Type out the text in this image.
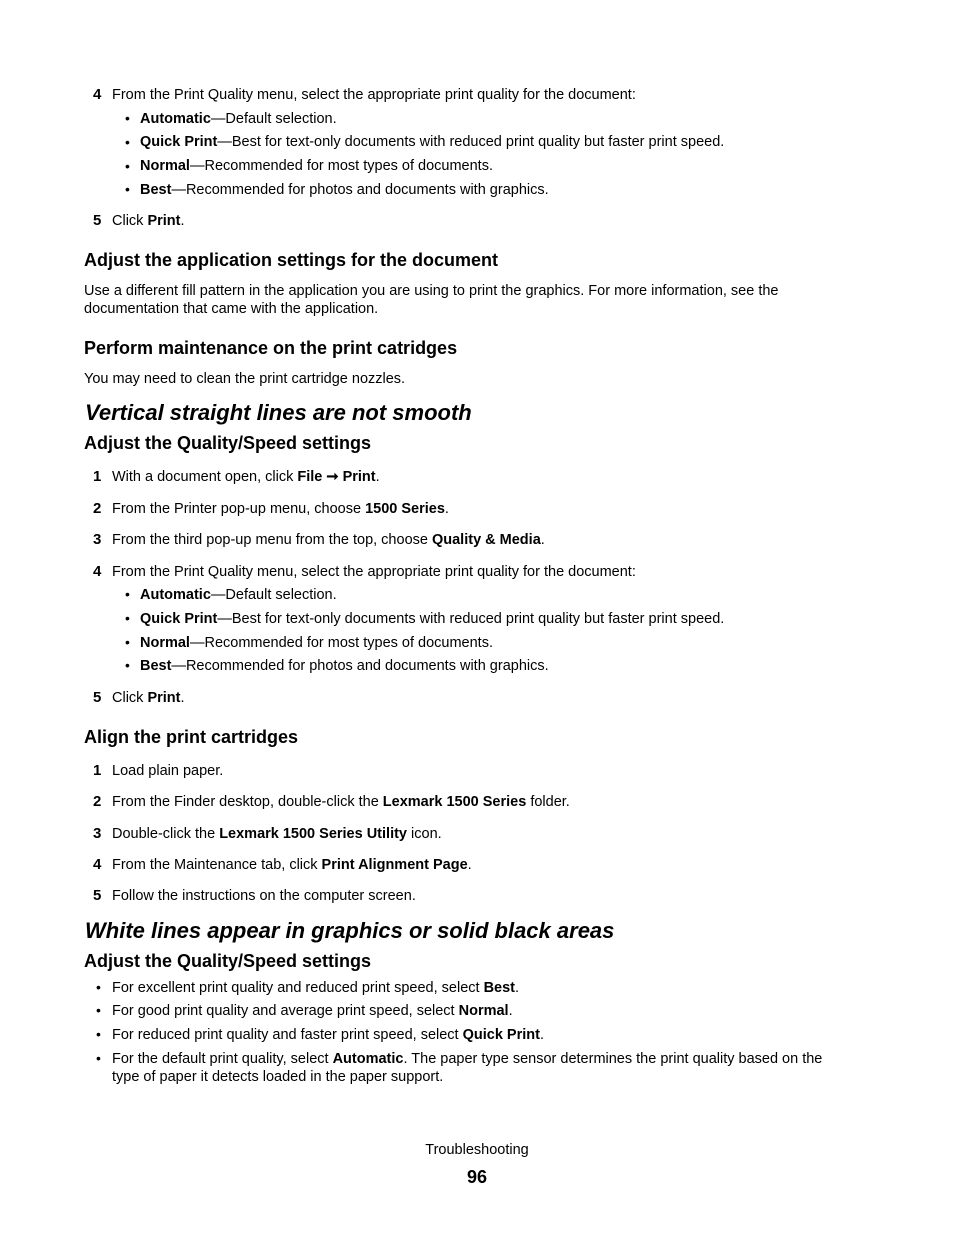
4 From the Print Quality menu, select the appropriate print quality for the document:
• Automatic—Default selection.
• Quick Print—Best for text-only documents with reduced print quality but faster print speed.
• Normal—Recommended for most types of documents.
• Best—Recommended for photos and documents with graphics.
5 Click Print.
Adjust the application settings for the document
Use a different fill pattern in the application you are using to print the graphics. For more information, see the
documentation that came with the application.
Perform maintenance on the print catridges
You may need to clean the print cartridge nozzles.
Vertical straight lines are not smooth
Adjust the Quality/Speed settings
1 With a document open, click File ➞ Print.
2 From the Printer pop-up menu, choose 1500 Series.
3 From the third pop-up menu from the top, choose Quality & Media.
4 From the Print Quality menu, select the appropriate print quality for the document:
• Automatic—Default selection.
• Quick Print—Best for text-only documents with reduced print quality but faster print speed.
• Normal—Recommended for most types of documents.
• Best—Recommended for photos and documents with graphics.
5 Click Print.
Align the print cartridges
1 Load plain paper.
2 From the Finder desktop, double-click the Lexmark 1500 Series folder.
3 Double-click the Lexmark 1500 Series Utility icon.
4 From the Maintenance tab, click Print Alignment Page.
5 Follow the instructions on the computer screen.
White lines appear in graphics or solid black areas
Adjust the Quality/Speed settings
• For excellent print quality and reduced print speed, select Best.
• For good print quality and average print speed, select Normal.
• For reduced print quality and faster print speed, select Quick Print.
• For the default print quality, select Automatic. The paper type sensor determines the print quality based on the
type of paper it detects loaded in the paper support.
Troubleshooting
96
